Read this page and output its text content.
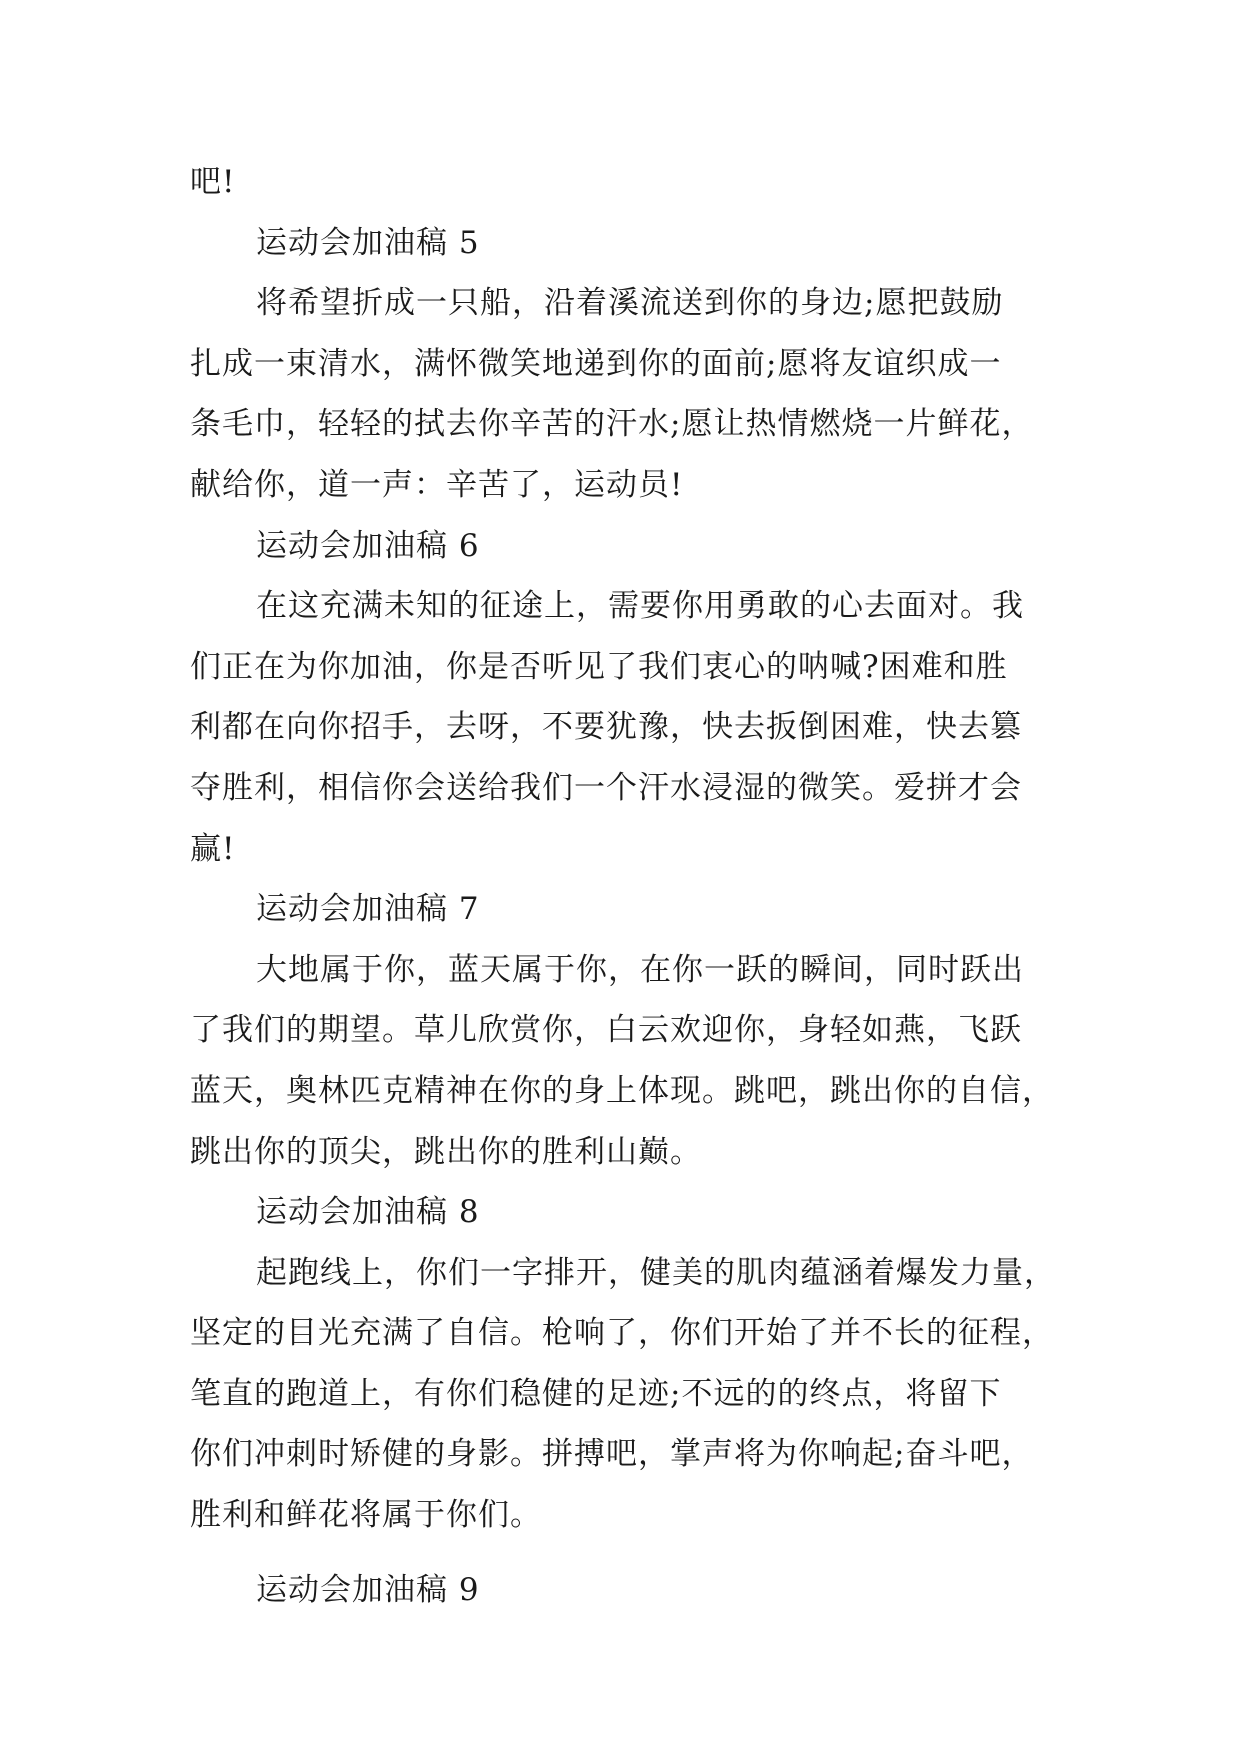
吧!
运动会加油稿 5
将希望折成一只船，沿着溪流送到你的身边;愿把鼓励
扎成一束清水，满怀微笑地递到你的面前;愿将友谊织成一
条毛巾，轻轻的拭去你辛苦的汗水;愿让热情燃烧一片鲜花，
献给你，道一声：辛苦了，运动员!
运动会加油稿 6
在这充满未知的征途上，需要你用勇敢的心去面对。我
们正在为你加油，你是否听见了我们衷心的呐喊?困难和胜
利都在向你招手，去呀，不要犹豫，快去扳倒困难，快去篡
夺胜利，相信你会送给我们一个汗水浸湿的微笑。爱拼才会
赢!
运动会加油稿 7
大地属于你，蓝天属于你，在你一跃的瞬间，同时跃出
了我们的期望。草儿欣赏你，白云欢迎你，身轻如燕，飞跃
蓝天，奥林匹克精神在你的身上体现。跳吧，跳出你的自信，
跳出你的顶尖，跳出你的胜利山巅。
运动会加油稿 8
起跑线上，你们一字排开，健美的肌肉蕴涵着爆发力量，
坚定的目光充满了自信。枪响了，你们开始了并不长的征程，
笔直的跑道上，有你们稳健的足迹;不远的的终点，将留下
你们冲刺时矫健的身影。拼搏吧，掌声将为你响起;奋斗吧，
胜利和鲜花将属于你们。
运动会加油稿 9
